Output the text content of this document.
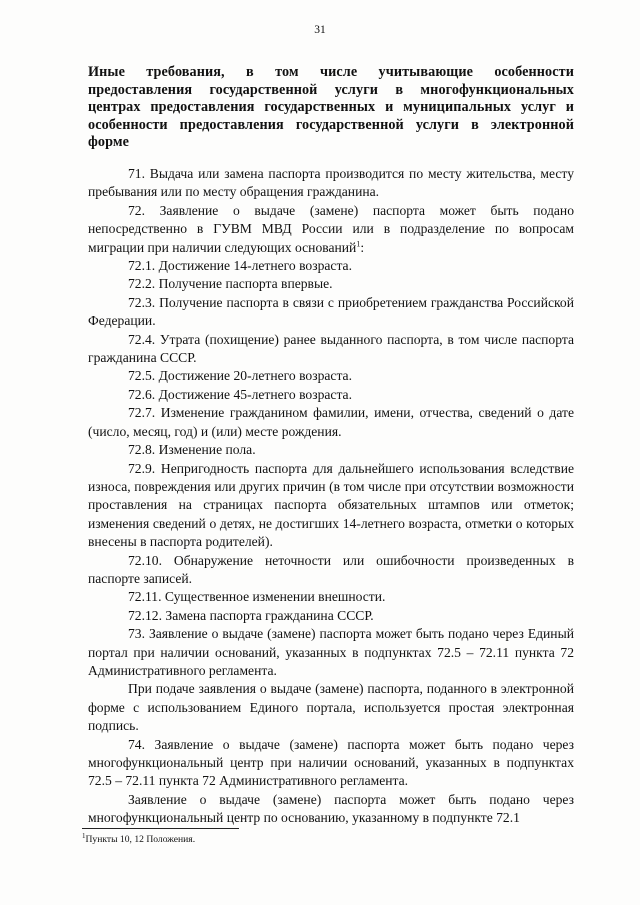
31
Иные требования, в том числе учитывающие особенности предоставления государственной услуги в многофункциональных центрах предоставления государственных и муниципальных услуг и особенности предоставления государственной услуги в электронной форме

71. Выдача или замена паспорта производится по месту жительства, месту пребывания или по месту обращения гражданина.

72. Заявление о выдаче (замене) паспорта может быть подано непосредственно в ГУВМ МВД России или в подразделение по вопросам миграции при наличии следующих оснований$^1$:

72.1. Достижение 14-летнего возраста.

72.2. Получение паспорта впервые.

72.3. Получение паспорта в связи с приобретением гражданства Российской Федерации.

72.4. Утрата (похищение) ранее выданного паспорта, в том числе паспорта гражданина СССР.

72.5. Достижение 20-летнего возраста.

72.6. Достижение 45-летнего возраста.

72.7. Изменение гражданином фамилии, имени, отчества, сведений о дате (число, месяц, год) и (или) месте рождения.

72.8. Изменение пола.

72.9. Непригодность паспорта для дальнейшего использования вследствие износа, повреждения или других причин (в том числе при отсутствии возможности проставления на страницах паспорта обязательных штампов или отметок; изменения сведений о детях, не достигших 14-летнего возраста, отметки о которых внесены в паспорта родителей).

72.10. Обнаружение неточности или ошибочности произведенных в паспорте записей.

72.11. Существенное изменении внешности.

72.12. Замена паспорта гражданина СССР.

73. Заявление о выдаче (замене) паспорта может быть подано через Единый портал при наличии оснований, указанных в подпунктах 72.5 – 72.11 пункта 72 Административного регламента.

При подаче заявления о выдаче (замене) паспорта, поданного в электронной форме с использованием Единого портала, используется простая электронная подпись.

74. Заявление о выдаче (замене) паспорта может быть подано через многофункциональный центр при наличии оснований, указанных в подпунктах 72.5 – 72.11 пункта 72 Административного регламента.

Заявление о выдаче (замене) паспорта может быть подано через многофункциональный центр по основанию, указанному в подпункте 72.1

$^1$Пункты 10, 12 Положения.
